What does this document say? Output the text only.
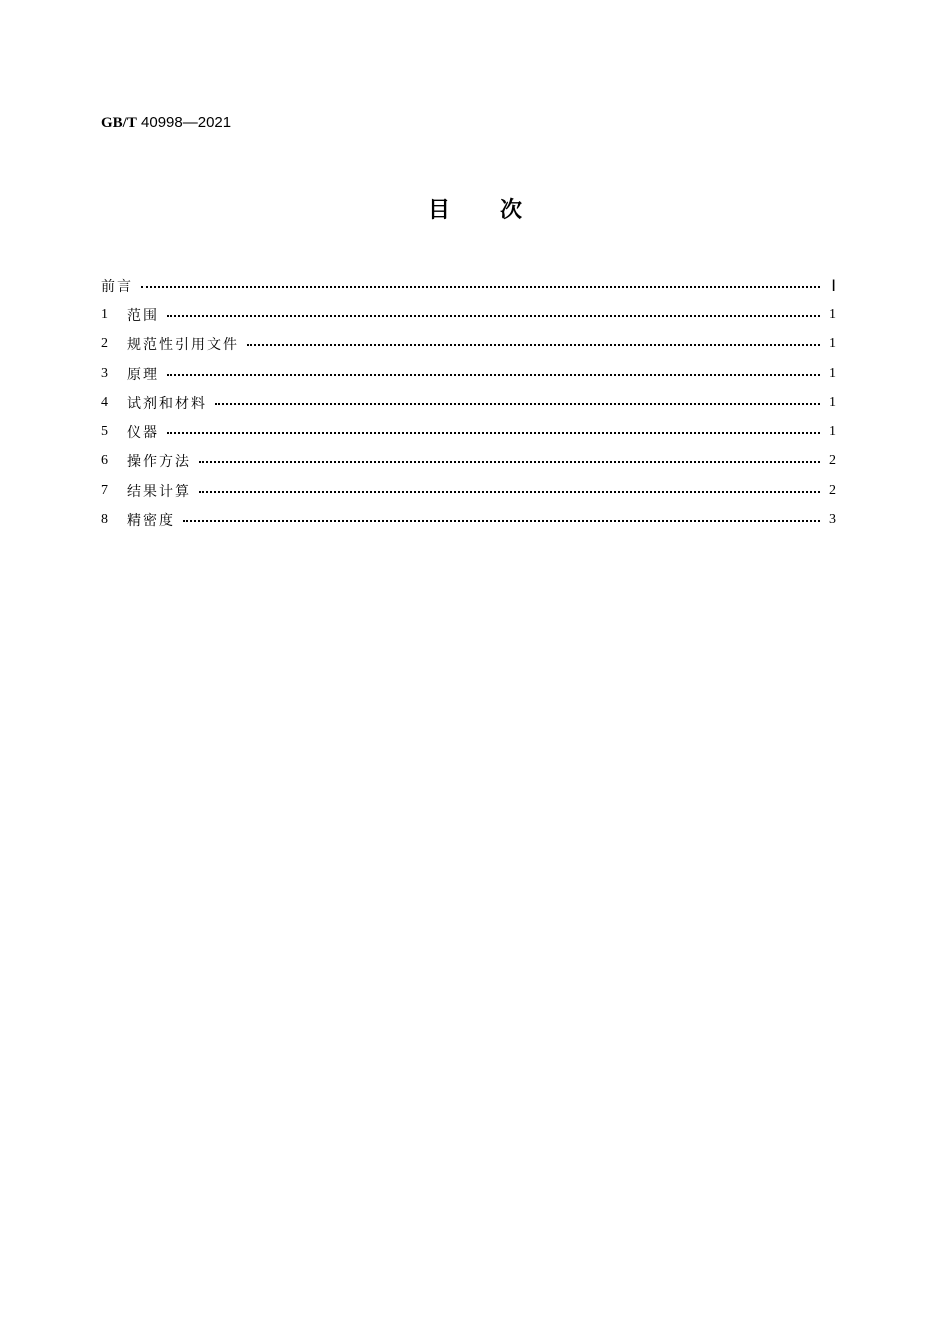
GB/T 40998—2021
目次
前言	Ⅰ
1	范围	1
2	规范性引用文件	1
3	原理	1
4	试剂和材料	1
5	仪器	1
6	操作方法	2
7	结果计算	2
8	精密度	3
